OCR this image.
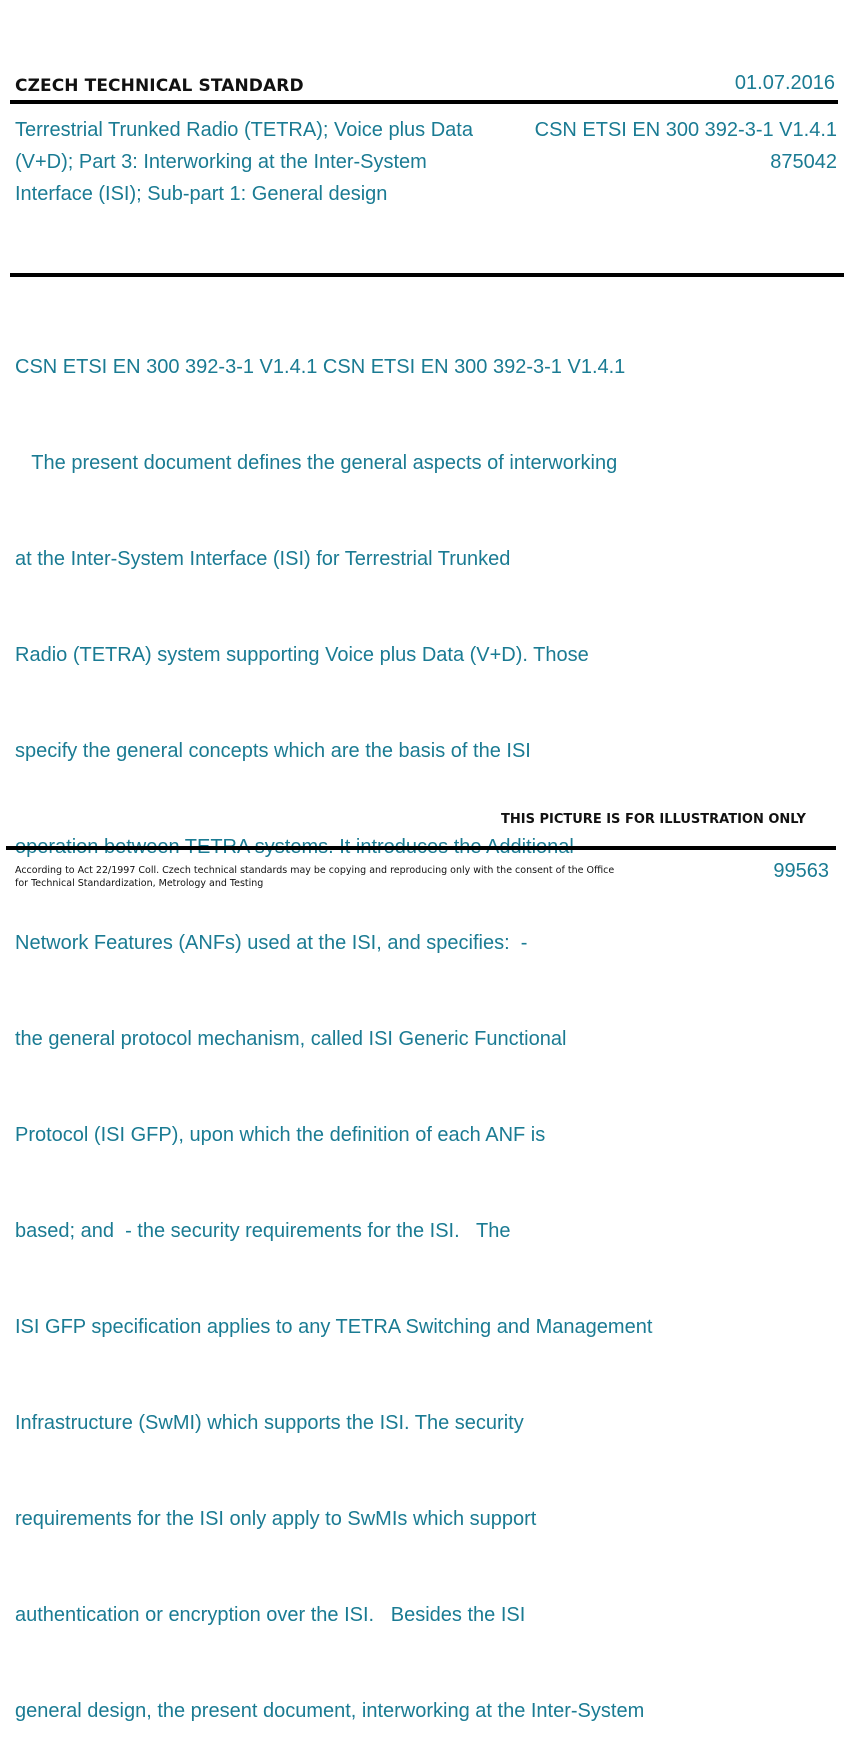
CZECH TECHNICAL STANDARD	01.07.2016
Terrestrial Trunked Radio (TETRA); Voice plus Data	CSN ETSI EN 300 392-3-1 V1.4.1
(V+D); Part 3: Interworking at the Inter-System	875042
Interface (ISI); Sub-part 1: General design

CSN ETSI EN 300 392-3-1 V1.4.1 CSN ETSI EN 300 392-3-1 V1.4.1

The present document defines the general aspects of interworking

at the Inter-System Interface (ISI) for Terrestrial Trunked

Radio (TETRA) system supporting Voice plus Data (V+D). Those

specify the general concepts which are the basis of the ISI

Network Features (ANFs) used at the ISI, and specifies:  -

the general protocol mechanism, called ISI Generic Functional

Protocol (ISI GFP), upon which the definition of each ANF is

based; and  - the security requirements for the ISI.   The

ISI GFP specification applies to any TETRA Switching and Management

Infrastructure (SwMI) which supports the ISI. The security

requirements for the ISI only apply to SwMIs which support

authentication or encryption over the ISI.   Besides the ISI

general design, the present document, interworking at the Inter-System

THIS PICTURE IS FOR ILLUSTRATION ONLY
According to Act 22/1997 Coll. Czech technical standards may be copying and reproducing only with the consent of the Office
for Technical Standardization, Metrology and Testing
99563
